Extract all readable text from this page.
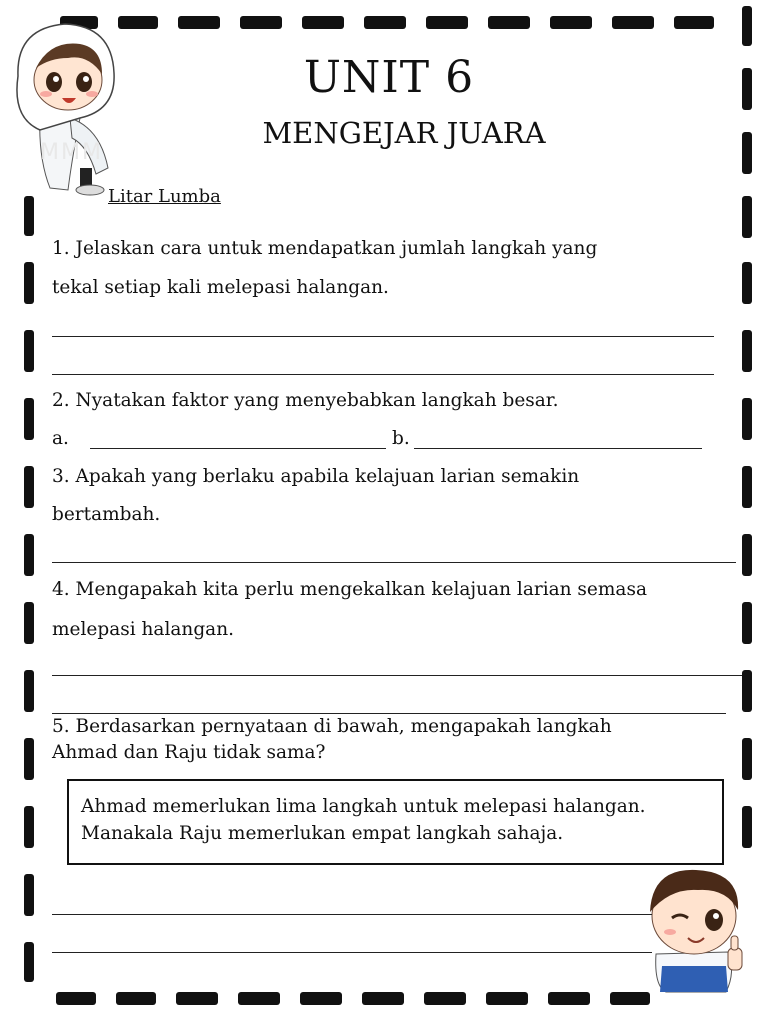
ⅯⅯⅯ
UNIT 6
MENGEJAR JUARA
Litar Lumba
1. Jelaskan cara untuk mendapatkan jumlah langkah yang
tekal setiap kali melepasi halangan.
2. Nyatakan faktor yang menyebabkan langkah besar.
a.	b.
3. Apakah yang berlaku apabila kelajuan larian semakin
bertambah.
4. Mengapakah kita perlu mengekalkan kelajuan larian semasa
melepasi halangan.
5. Berdasarkan pernyataan di bawah, mengapakah langkah
Ahmad dan Raju tidak sama?
Ahmad memerlukan lima langkah untuk melepasi halangan.
Manakala Raju memerlukan empat langkah sahaja.
